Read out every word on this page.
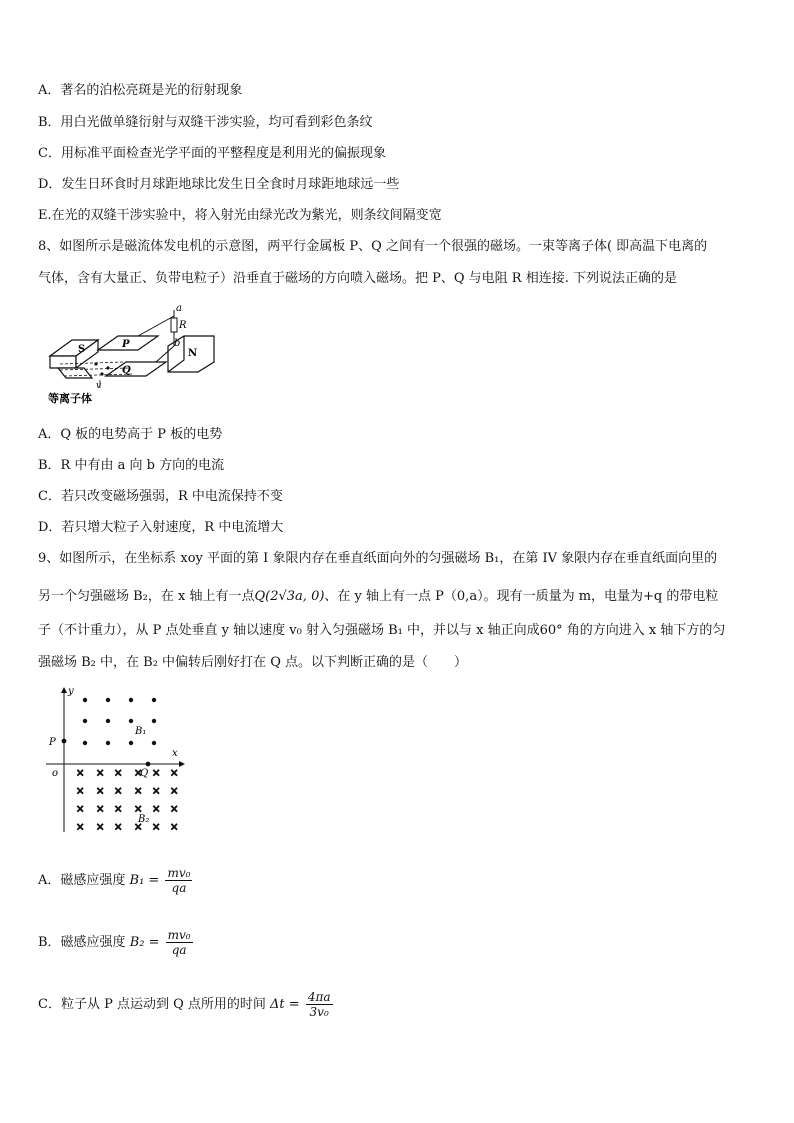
A．著名的泊松亮斑是光的衍射现象
B．用白光做单缝衍射与双缝干涉实验，均可看到彩色条纹
C．用标准平面检查光学平面的平整程度是利用光的偏振现象
D．发生日环食时月球距地球比发生日全食时月球距地球远一些
E.在光的双缝干涉实验中，将入射光由绿光改为紫光，则条纹间隔变宽
8、如图所示是磁流体发电机的示意图，两平行金属板 P、Q 之间有一个很强的磁场。一束等离子体( 即高温下电离的
气体，含有大量正、负带电粒子）沿垂直于磁场的方向喷入磁场。把 P、Q 与电阻 R 相连接. 下列说法正确的是
a
R
b
S	P
Q
N
v
等离子体
A．Q 板的电势高于 P 板的电势
B．R 中有由 a 向 b 方向的电流
C．若只改变磁场强弱，R 中电流保持不变
D．若只增大粒子入射速度，R 中电流增大
9、如图所示，在坐标系 xoy 平面的第 I 象限内存在垂直纸面向外的匀强磁场 B₁，在第 IV 象限内存在垂直纸面向里的
另一个匀强磁场 B₂，在 x 轴上有一点Q(2√3a, 0)、在 y 轴上有一点 P（0,a）。现有一质量为 m，电量为+q 的带电粒
子（不计重力），从 P 点处垂直 y 轴以速度 v₀ 射入匀强磁场 B₁ 中，并以与 x 轴正向成60° 角的方向进入 x 轴下方的匀
强磁场 B₂ 中，在 B₂ 中偏转后刚好打在 Q 点。以下判断正确的是（　　）
× × × × × ×
× × × × × ×
× × × × × ×
× × × × × ×
y
x
o
P
Q
B₁
B₂
A．磁感应强度 $B_1 = \frac{\text{mv₀}}{qa}$
B．磁感应强度 $B_2 = \frac{\text{mv₀}}{qa}$
C．粒子从 P 点运动到 Q 点所用的时间 $\Delta t = \frac{4\pi a}{\text{3v₀}}$
